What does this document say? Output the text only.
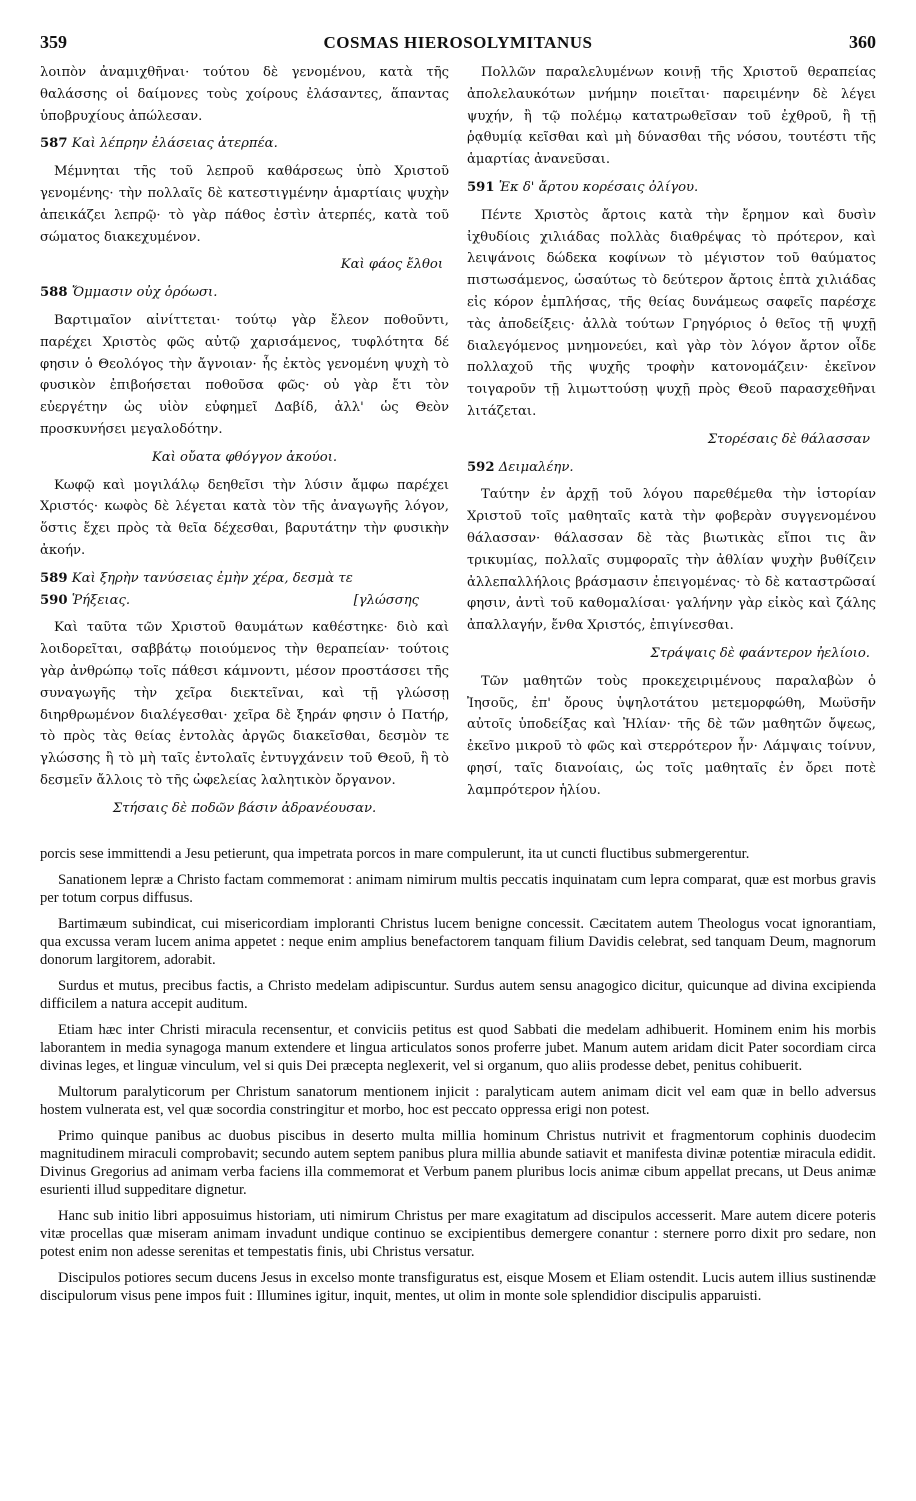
359	COSMAS HIEROSOLYMITANUS	360

λοιπὸν ἀναμιχθῆναι· τούτου δὲ γενομένου, κατὰ τῆς θαλάσσης οἱ δαίμονες τοὺς χοίρους ἐλάσαντες, ἅπαντας ὑποβρυχίους ἀπώλεσαν.

587 Καὶ λέπρην ἐλάσειας ἀτερπέα.

Μέμνηται τῆς τοῦ λεπροῦ καθάρσεως ὑπὸ Χριστοῦ γενομένης· τὴν πολλαῖς δὲ κατεστιγμένην ἁμαρτίαις ψυχὴν ἀπεικάζει λεπρῷ· τὸ γὰρ πάθος ἐστὶν ἀτερπές, κατὰ τοῦ σώματος διακεχυμένον.

Καὶ φάος ἔλθοι
588 Ὄμμασιν οὐχ ὁρόωσι.

Βαρτιμαῖον αἰνίττεται· τούτῳ γὰρ ἔλεον ποθοῦντι, παρέχει Χριστὸς φῶς αὐτῷ χαρισάμενος, τυφλότητα δέ φησιν ὁ Θεολόγος τὴν ἄγνοιαν· ἧς ἐκτὸς γενομένη ψυχὴ τὸ φυσικὸν ἐπιβοήσεται ποθοῦσα φῶς· οὐ γὰρ ἔτι τὸν εὐεργέτην ὡς υἱὸν εὐφημεῖ Δαβίδ, ἀλλ' ὡς Θεὸν προσκυνήσει μεγαλοδότην.

Καὶ οὔατα φθόγγον ἀκούοι.

Κωφῷ καὶ μογιλάλῳ δεηθεῖσι τὴν λύσιν ἄμφω παρέχει Χριστός· κωφὸς δὲ λέγεται κατὰ τὸν τῆς ἀναγωγῆς λόγον, ὅστις ἔχει πρὸς τὰ θεῖα δέχεσθαι, βαρυτάτην τὴν φυσικὴν ἀκοήν.

589 Καὶ ξηρὴν τανύσειας ἐμὴν χέρα, δεσμὰ τε
590 Ῥήξειας.	[γλώσσης

Καὶ ταῦτα τῶν Χριστοῦ θαυμάτων καθέστηκε· διὸ καὶ λοιδορεῖται, σαββάτῳ ποιούμενος τὴν θεραπείαν· τούτοις γὰρ ἀνθρώπῳ τοῖς πάθεσι κάμνοντι, μέσον προστάσσει τῆς συναγωγῆς τὴν χεῖρα διεκτεῖναι, καὶ τῇ γλώσσῃ διηρθρωμένον διαλέγεσθαι· χεῖρα δὲ ξηράν φησιν ὁ Πατήρ, τὸ πρὸς τὰς θείας ἐντολὰς ἀργῶς διακεῖσθαι, δεσμὸν τε γλώσσης ἢ τὸ μὴ ταῖς ἐντολαῖς ἐντυγχάνειν τοῦ Θεοῦ, ἢ τὸ δεσμεῖν ἄλλοις τὸ τῆς ὠφελείας λαλητικὸν ὄργανον.

Στήσαις δὲ ποδῶν βάσιν ἀδρανέουσαν.

Πολλῶν παραλελυμένων κοινῇ τῆς Χριστοῦ θεραπείας ἀπολελαυκότων μνήμην ποιεῖται· παρειμένην δὲ λέγει ψυχήν, ἢ τῷ πολέμῳ κατατρωθεῖσαν τοῦ ἐχθροῦ, ἢ τῇ ῥᾳθυμίᾳ κεῖσθαι καὶ μὴ δύνασθαι τῆς νόσου, τουτέστι τῆς ἁμαρτίας ἀνανεῦσαι.

591 Ἐκ δ' ἄρτου κορέσαις ὀλίγου.

Πέντε Χριστὸς ἄρτοις κατὰ τὴν ἔρημον καὶ δυσὶν ἰχθυδίοις χιλιάδας πολλὰς διαθρέψας τὸ πρότερον, καὶ λειψάνοις δώδεκα κοφίνων τὸ μέγιστον τοῦ θαύματος πιστωσάμενος, ὡσαύτως τὸ δεύτερον ἄρτοις ἑπτὰ χιλιάδας εἰς κόρον ἐμπλήσας, τῆς θείας δυνάμεως σαφεῖς παρέσχε τὰς ἀποδείξεις· ἀλλὰ τούτων Γρηγόριος ὁ θεῖος τῇ ψυχῇ διαλεγόμενος μνημονεύει, καὶ γὰρ τὸν λόγον ἄρτον οἶδε πολλαχοῦ τῆς ψυχῆς τροφὴν κατονομάζειν· ἐκεῖνον τοιγαροῦν τῇ λιμωττούσῃ ψυχῇ πρὸς Θεοῦ παρασχεθῆναι λιτάζεται.

Στορέσαις δὲ θάλασσαν
592 Δειμαλέην.

Ταύτην ἐν ἀρχῇ τοῦ λόγου παρεθέμεθα τὴν ἱστορίαν Χριστοῦ τοῖς μαθηταῖς κατὰ τὴν φοβερὰν συγγενομένου θάλασσαν· θάλασσαν δὲ τὰς βιωτικὰς εἴποι τις ἂν τρικυμίας, πολλαῖς συμφοραῖς τὴν ἀθλίαν ψυχὴν βυθίζειν ἀλλεπαλλήλοις βράσμασιν ἐπειγομένας· τὸ δὲ καταστρῶσαί φησιν, ἀντὶ τοῦ καθομαλίσαι· γαλήνην γὰρ εἰκὸς καὶ ζάλης ἀπαλλαγήν, ἔνθα Χριστός, ἐπιγίνεσθαι.

Στράψαις δὲ φαάντερον ἠελίοιο.

Τῶν μαθητῶν τοὺς προκεχειριμένους παραλαβὼν ὁ Ἰησοῦς, ἐπ' ὄρους ὑψηλοτάτου μετεμορφώθη, Μωϋσῆν αὐτοῖς ὑποδείξας καὶ Ἠλίαν· τῆς δὲ τῶν μαθητῶν ὄψεως, ἐκεῖνο μικροῦ τὸ φῶς καὶ στερρότερον ἦν· Λάμψαις τοίνυν, φησί, ταῖς διανοίαις, ὡς τοῖς μαθηταῖς ἐν ὄρει ποτὲ λαμπρότερον ἡλίου.

porcis sese immittendi a Jesu petierunt, qua impetrata porcos in mare compulerunt, ita ut cuncti fluctibus submergerentur.

Sanationem lepræ a Christo factam commemorat : animam nimirum multis peccatis inquinatam cum lepra comparat, quæ est morbus gravis per totum corpus diffusus.

Bartimæum subindicat, cui misericordiam imploranti Christus lucem benigne concessit. Cæcitatem autem Theologus vocat ignorantiam, qua excussa veram lucem anima appetet : neque enim amplius benefactorem tanquam filium Davidis celebrat, sed tanquam Deum, magnorum donorum largitorem, adorabit.

Surdus et mutus, precibus factis, a Christo medelam adipiscuntur. Surdus autem sensu anagogico dicitur, quicunque ad divina excipienda difficilem a natura accepit auditum.

Etiam hæc inter Christi miracula recensentur, et conviciis petitus est quod Sabbati die medelam adhibuerit. Hominem enim his morbis laborantem in media synagoga manum extendere et lingua articulatos sonos proferre jubet. Manum autem aridam dicit Pater socordiam circa divinas leges, et linguæ vinculum, vel si quis Dei præcepta neglexerit, vel si organum, quo aliis prodesse debet, penitus cohibuerit.

Multorum paralyticorum per Christum sanatorum mentionem injicit : paralyticam autem animam dicit vel eam quæ in bello adversus hostem vulnerata est, vel quæ socordia constringitur et morbo, hoc est peccato oppressa erigi non potest.

Primo quinque panibus ac duobus piscibus in deserto multa millia hominum Christus nutrivit et fragmentorum cophinis duodecim magnitudinem miraculi comprobavit; secundo autem septem panibus plura millia abunde satiavit et manifesta divinæ potentiæ miracula edidit. Divinus Gregorius ad animam verba faciens illa commemorat et Verbum panem pluribus locis animæ cibum appellat precans, ut Deus animæ esurienti illud suppeditare dignetur.

Hanc sub initio libri apposuimus historiam, uti nimirum Christus per mare exagitatum ad discipulos accesserit. Mare autem dicere poteris vitæ procellas quæ miseram animam invadunt undique continuo se excipientibus demergere conantur : sternere porro dixit pro sedare, non potest enim non adesse serenitas et tempestatis finis, ubi Christus versatur.

Discipulos potiores secum ducens Jesus in excelso monte transfiguratus est, eisque Mosem et Eliam ostendit. Lucis autem illius sustinendæ discipulorum visus pene impos fuit : Illumines igitur, inquit, mentes, ut olim in monte sole splendidior discipulis apparuisti.
